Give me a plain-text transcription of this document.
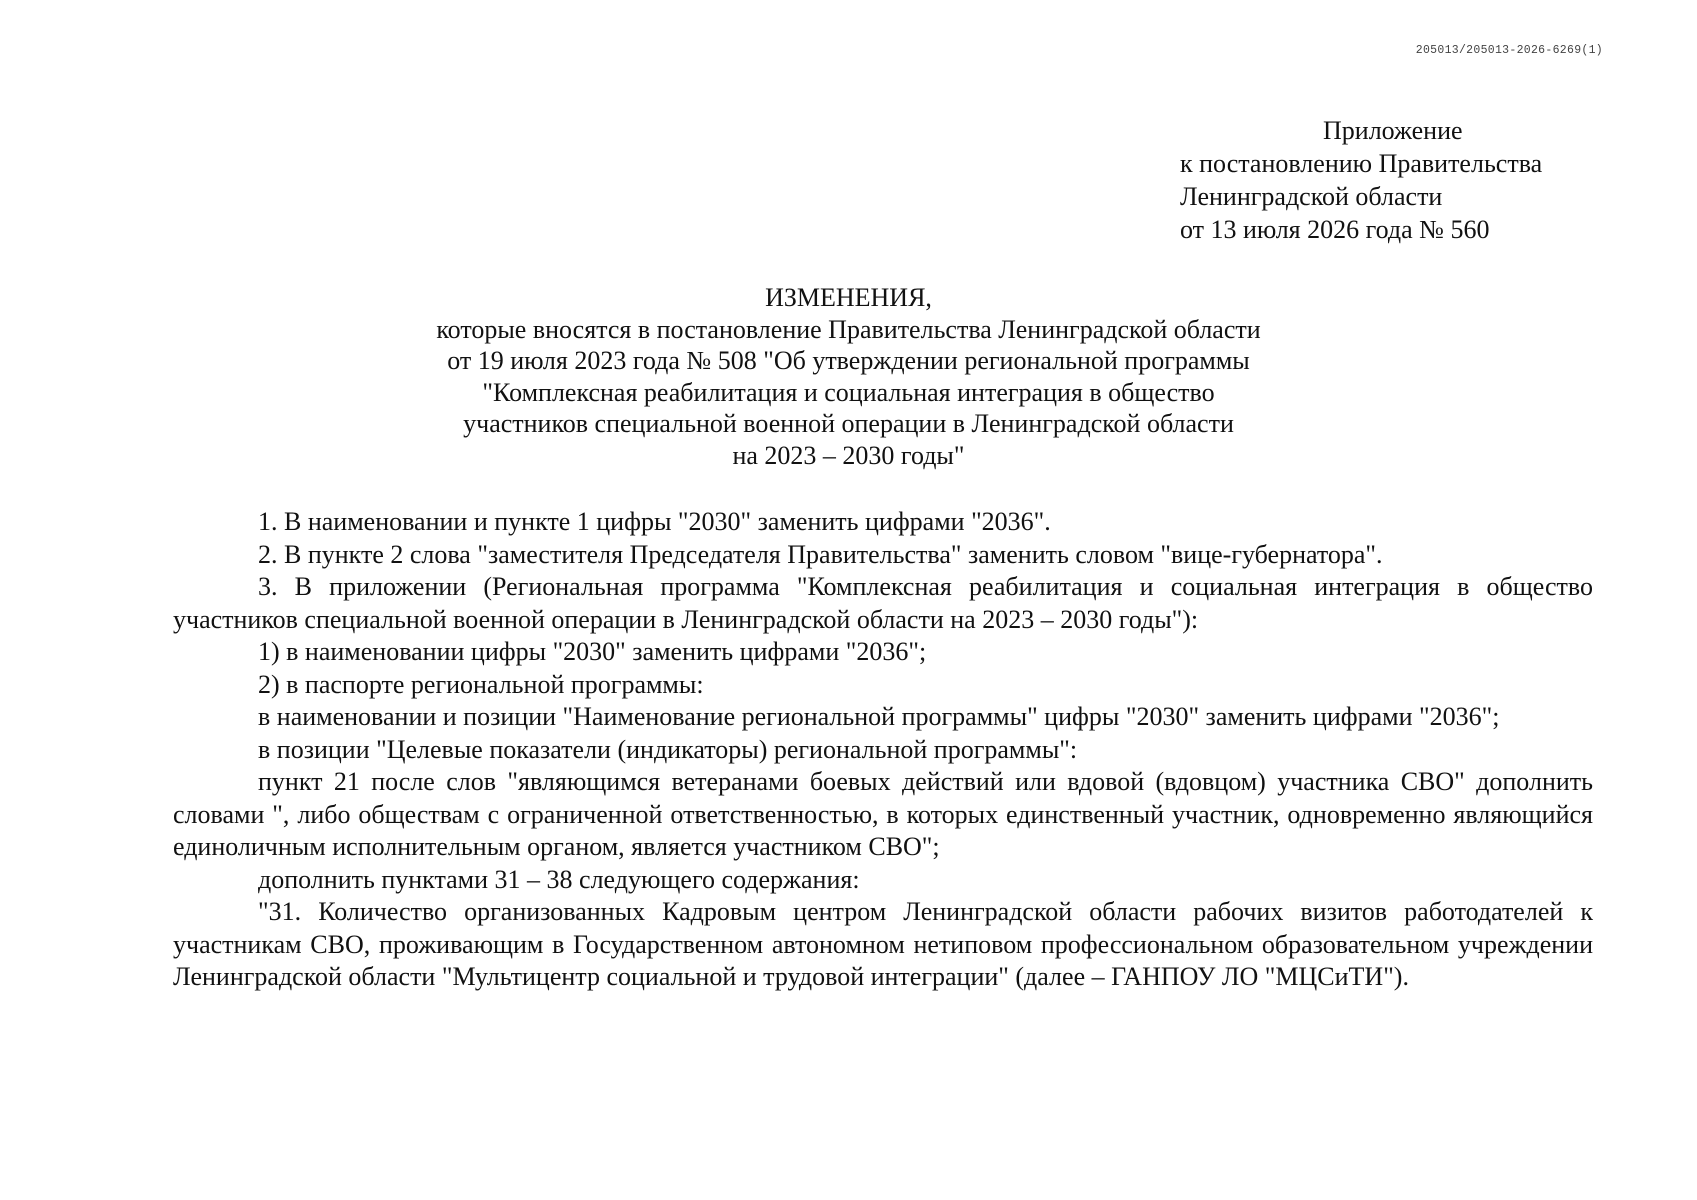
205013/205013-2026-6269(1)
Приложение
к постановлению Правительства
Ленинградской области
от 13 июля 2026 года № 560
ИЗМЕНЕНИЯ,
которые вносятся в постановление Правительства Ленинградской области
от 19 июля 2023 года № 508 "Об утверждении региональной программы
"Комплексная реабилитация и социальная интеграция в общество
участников специальной военной операции в Ленинградской области
на 2023 – 2030 годы"

1. В наименовании и пункте 1 цифры "2030" заменить цифрами "2036".

2. В пункте 2 слова "заместителя Председателя Правительства" заменить словом "вице-губернатора".

3. В приложении (Региональная программа "Комплексная реабилитация и социальная интеграция в общество участников специальной военной операции в Ленинградской области на 2023 – 2030 годы"):

1) в наименовании цифры "2030" заменить цифрами "2036";

2) в паспорте региональной программы:

в наименовании и позиции "Наименование региональной программы" цифры "2030" заменить цифрами "2036";

в позиции "Целевые показатели (индикаторы) региональной программы":

пункт 21 после слов "являющимся ветеранами боевых действий или вдовой (вдовцом) участника СВО" дополнить словами ", либо обществам с ограниченной ответственностью, в которых единственный участник, одновременно являющийся единоличным исполнительным органом, является участником СВО";

дополнить пунктами 31 – 38 следующего содержания:

"31. Количество организованных Кадровым центром Ленинградской области рабочих визитов работодателей к участникам СВО, проживающим в Государственном автономном нетиповом профессиональном образовательном учреждении Ленинградской области "Мультицентр социальной и трудовой интеграции" (далее – ГАНПОУ ЛО "МЦСиТИ").
